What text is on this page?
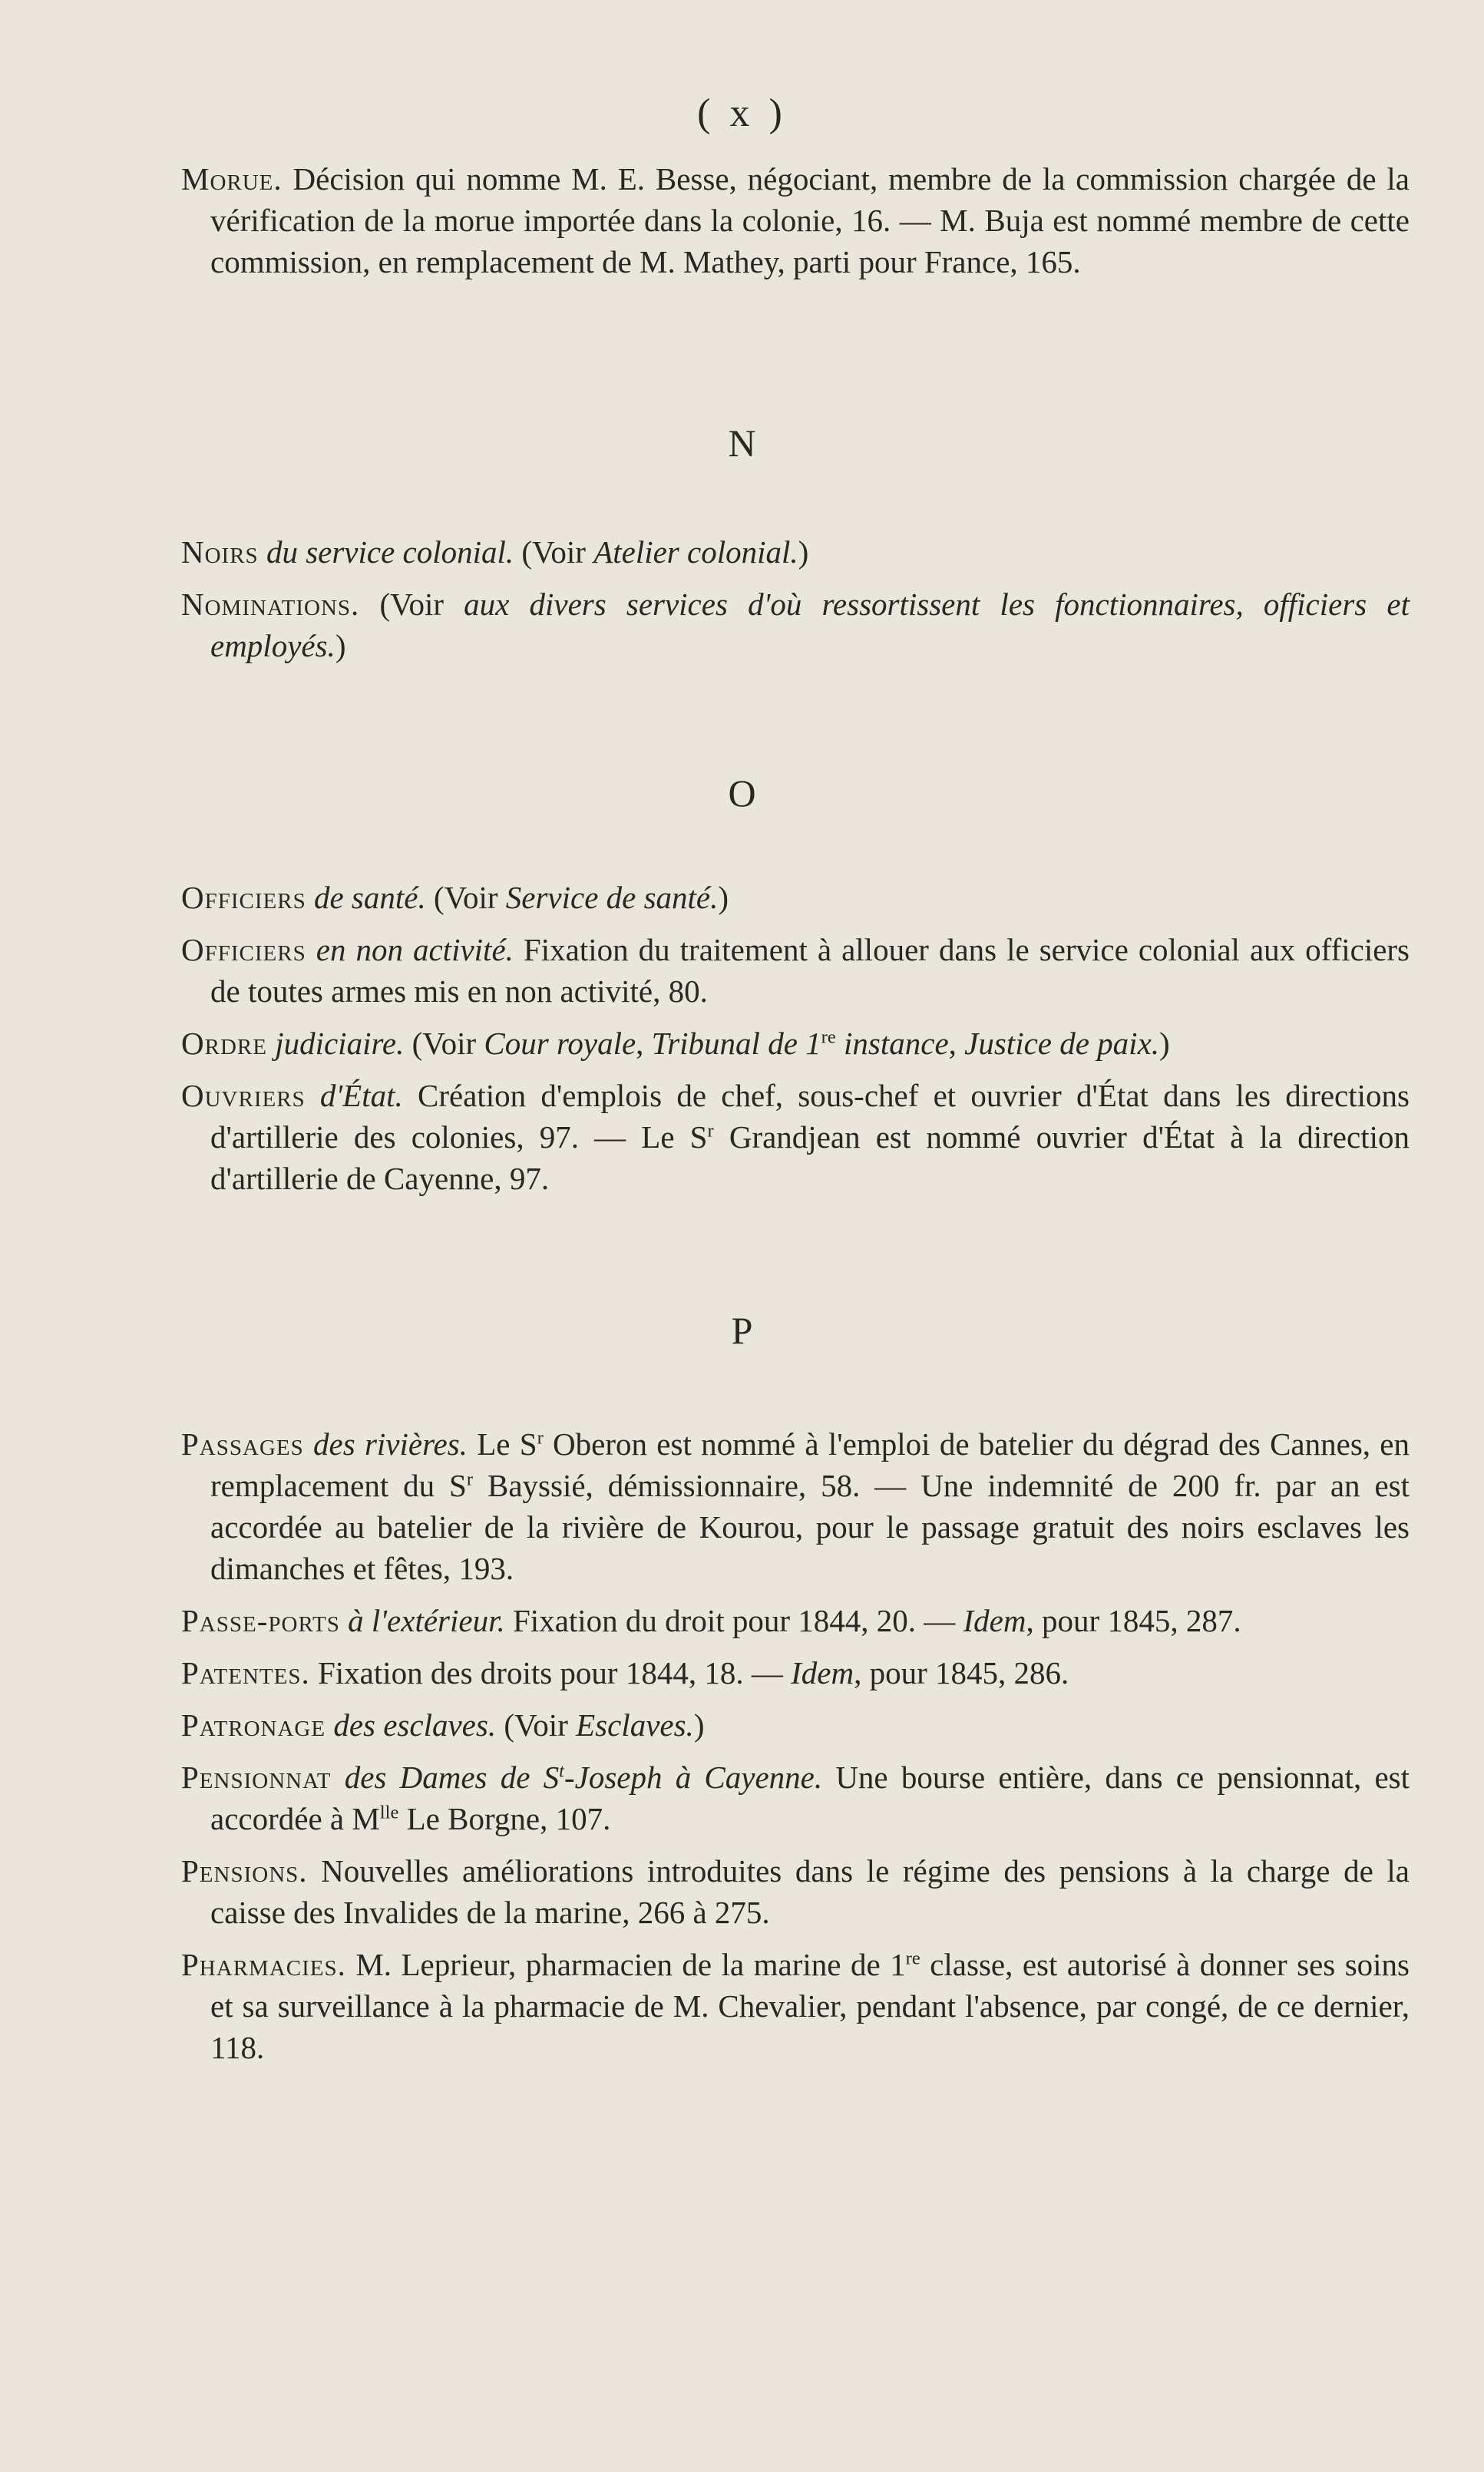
( x )

Morue. Décision qui nomme M. E. Besse, négociant, membre de la commission chargée de la vérification de la morue importée dans la colonie, 16. — M. Buja est nommé membre de cette commission, en remplacement de M. Mathey, parti pour France, 165.

N

Noirs du service colonial. (Voir Atelier colonial.)

Nominations. (Voir aux divers services d'où ressortissent les fonctionnaires, officiers et employés.)

O

Officiers de santé. (Voir Service de santé.)

Officiers en non activité. Fixation du traitement à allouer dans le service colonial aux officiers de toutes armes mis en non activité, 80.

Ordre judiciaire. (Voir Cour royale, Tribunal de 1re instance, Justice de paix.)

Ouvriers d'État. Création d'emplois de chef, sous-chef et ouvrier d'État dans les directions d'artillerie des colonies, 97. — Le $S^r$ Grandjean est nommé ouvrier d'État à la direction d'artillerie de Cayenne, 97.

P

Passages des rivières. Le $S^r$ Oberon est nommé à l'emploi de batelier du dégrad des Cannes, en remplacement du $S^r$ Bayssié, démissionnaire, 58. — Une indemnité de 200 fr. par an est accordée au batelier de la rivière de Kourou, pour le passage gratuit des noirs esclaves les dimanches et fêtes, 193.

Passe-ports à l'extérieur. Fixation du droit pour 1844, 20. — Idem, pour 1845, 287.

Patentes. Fixation des droits pour 1844, 18. — Idem, pour 1845, 286.

Patronage des esclaves. (Voir Esclaves.)

Pensionnat des Dames de $S^t$-Joseph à Cayenne. Une bourse entière, dans ce pensionnat, est accordée à $M^{lle}$ Le Borgne, 107.

Pensions. Nouvelles améliorations introduites dans le régime des pensions à la charge de la caisse des Invalides de la marine, 266 à 275.

Pharmacies. M. Leprieur, pharmacien de la marine de 1re classe, est autorisé à donner ses soins et sa surveillance à la pharmacie de M. Chevalier, pendant l'absence, par congé, de ce dernier, 118.
